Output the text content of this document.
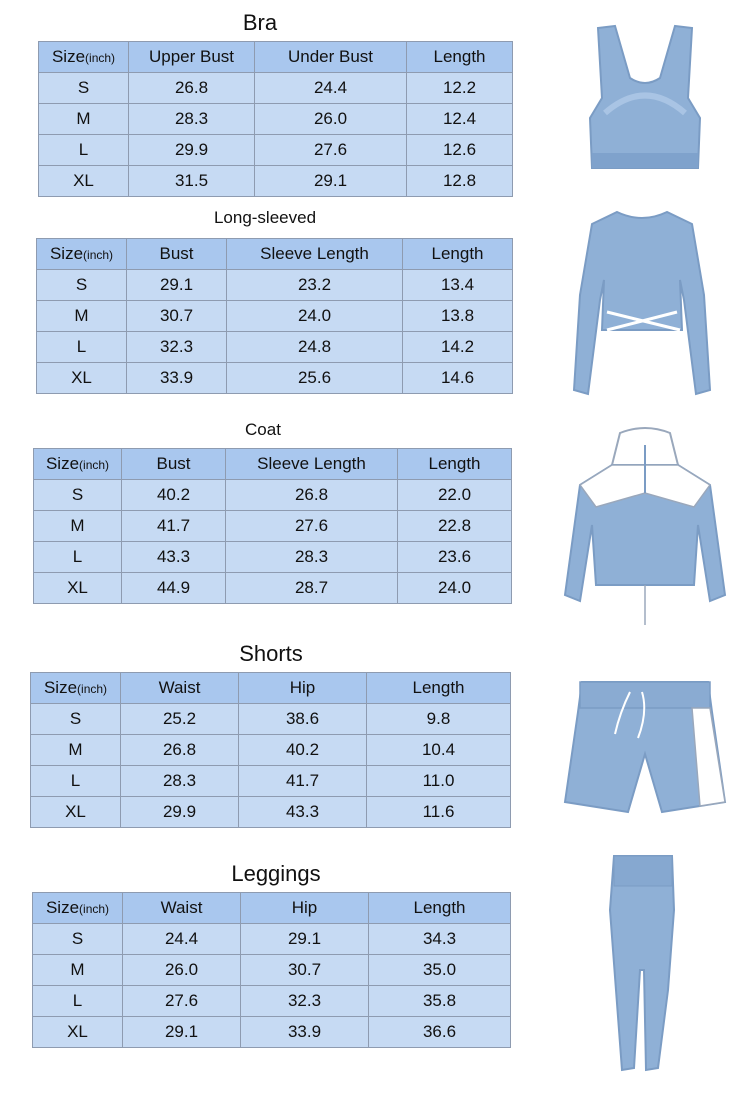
Bra
Size(inch)	Upper Bust	Under Bust	Length
S	26.8	24.4	12.2
M	28.3	26.0	12.4
L	29.9	27.6	12.6
XL	31.5	29.1	12.8
Long-sleeved
Size(inch)	Bust	Sleeve Length	Length
S	29.1	23.2	13.4
M	30.7	24.0	13.8
L	32.3	24.8	14.2
XL	33.9	25.6	14.6
Coat
Size(inch)	Bust	Sleeve Length	Length
S	40.2	26.8	22.0
M	41.7	27.6	22.8
L	43.3	28.3	23.6
XL	44.9	28.7	24.0
Shorts
Size(inch)	Waist	Hip	Length
S	25.2	38.6	9.8
M	26.8	40.2	10.4
L	28.3	41.7	11.0
XL	29.9	43.3	11.6
Leggings
Size(inch)	Waist	Hip	Length
S	24.4	29.1	34.3
M	26.0	30.7	35.0
L	27.6	32.3	35.8
XL	29.1	33.9	36.6
